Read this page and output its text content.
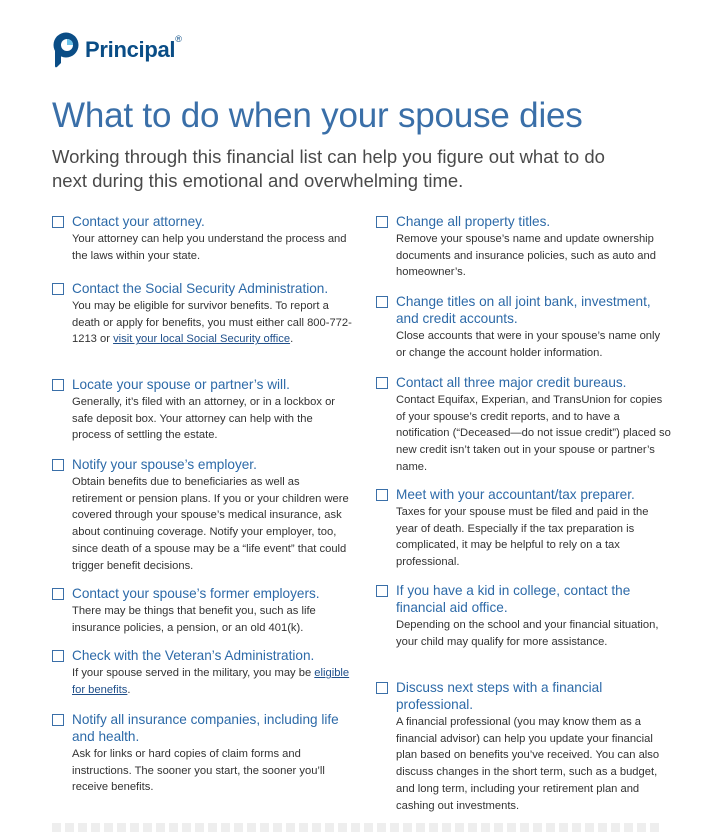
Principal®
What to do when your spouse dies

Working through this financial list can help you figure out what to do next during this emotional and overwhelming time.

Contact your attorney.

Your attorney can help you understand the process and the laws within your state.

Contact the Social Security Administration.

You may be eligible for survivor benefits. To report a death or apply for benefits, you must either call 800-772-1213 or visit your local Social Security office.

Locate your spouse or partner’s will.

Generally, it’s filed with an attorney, or in a lockbox or safe deposit box. Your attorney can help with the process of settling the estate.

Notify your spouse’s employer.

Obtain benefits due to beneficiaries as well as retirement or pension plans. If you or your children were covered through your spouse’s medical insurance, ask about continuing coverage. Notify your employer, too, since death of a spouse may be a “life event” that could trigger benefit decisions.

Contact your spouse’s former employers.

There may be things that benefit you, such as life insurance policies, a pension, or an old 401(k).

Check with the Veteran’s Administration.

If your spouse served in the military, you may be eligible for benefits.

Notify all insurance companies, including life and health.

Ask for links or hard copies of claim forms and instructions. The sooner you start, the sooner you’ll receive benefits.

Change all property titles.

Remove your spouse’s name and update ownership documents and insurance policies, such as auto and homeowner’s.

Change titles on all joint bank, investment, and credit accounts.

Close accounts that were in your spouse’s name only or change the account holder information.

Contact all three major credit bureaus.

Contact Equifax, Experian, and TransUnion for copies of your spouse’s credit reports, and to have a notification (“Deceased—do not issue credit”) placed so new credit isn’t taken out in your spouse or partner’s name.

Meet with your accountant/tax preparer.

Taxes for your spouse must be filed and paid in the year of death. Especially if the tax preparation is complicated, it may be helpful to rely on a tax professional.

If you have a kid in college, contact the financial aid office.

Depending on the school and your financial situation, your child may qualify for more assistance.

Discuss next steps with a financial professional.

A financial professional (you may know them as a financial advisor) can help you update your financial plan based on benefits you’ve received. You can also discuss changes in the short term, such as a budget, and long term, including your retirement plan and cashing out investments.
